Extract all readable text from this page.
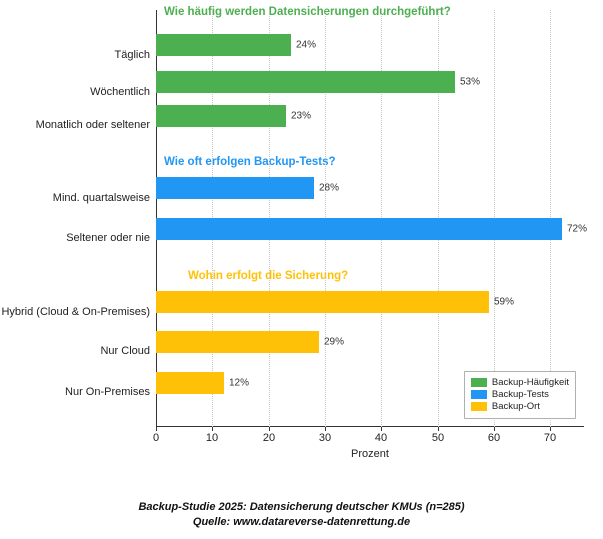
Wie häufig werden Datensicherungen durchgeführt?
Wie oft erfolgen Backup-Tests?
Wohin erfolgt die Sicherung?
Täglich
Wöchentlich
Monatlich oder seltener
Mind. quartalsweise
Seltener oder nie
Hybrid (Cloud & On-Premises)
Nur Cloud
Nur On-Premises
24%
53%
23%
28%
72%
59%
29%
12%	Backup-Häufigkeit
Backup-Tests
Backup-Ort
0	10	20	30	40	50	60	70
Prozent
Backup-Studie 2025: Datensicherung deutscher KMUs (n=285)
Quelle: www.datareverse-datenrettung.de
